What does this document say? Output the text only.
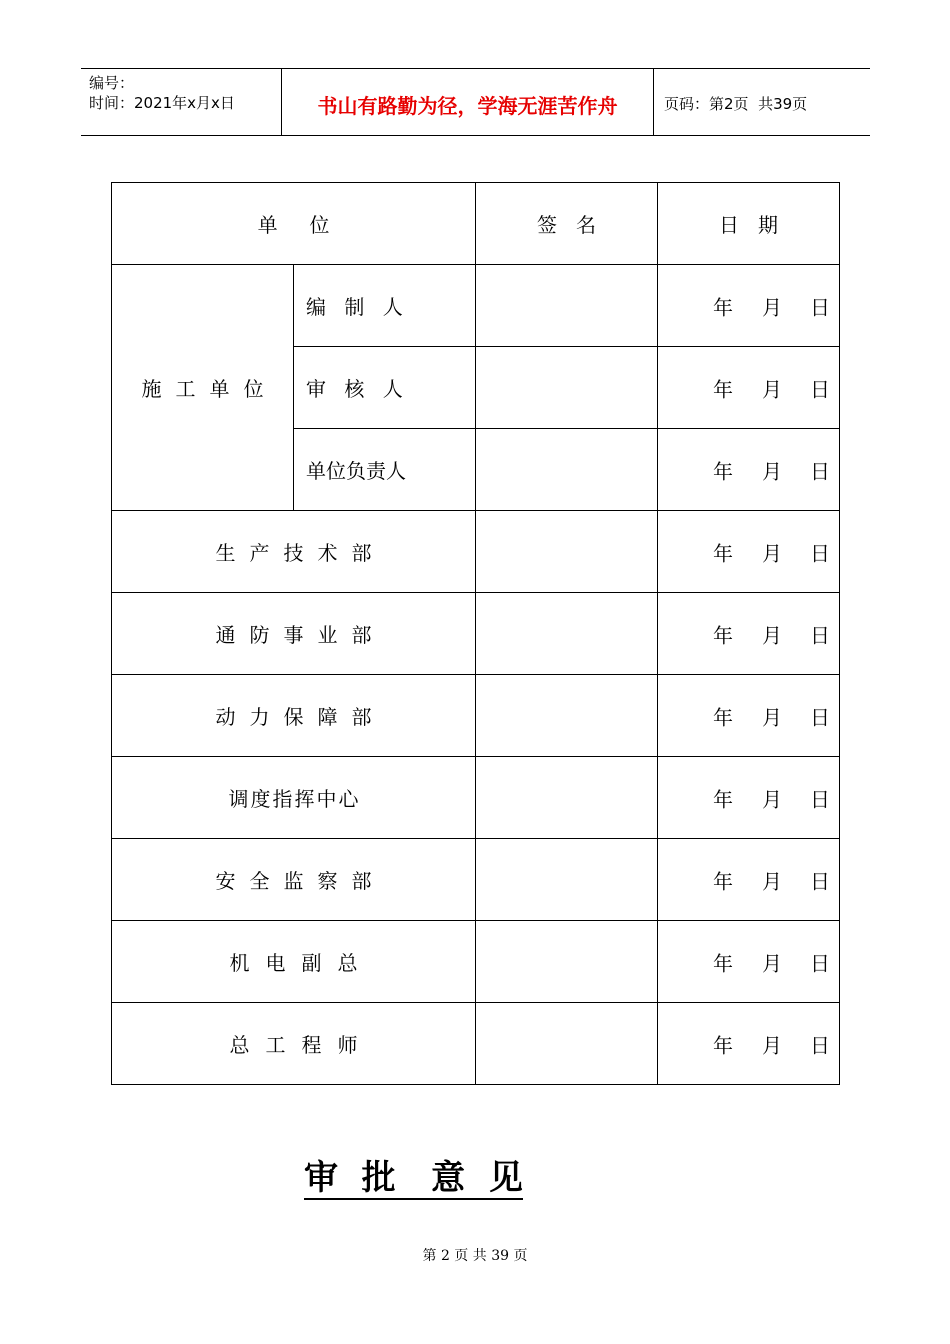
编号：
时间：2021年x月x日	书山有路勤为径，学海无涯苦作舟	页码：第2页  共39页
单     位		签   名	日   期
施工单位	编 制 人		年 月 日

	审 核 人		年 月 日

	单位负责人		年 月 日

生产技术部			年 月 日

通防事业部			年 月 日

动力保障部			年 月 日

调度指挥中心			年 月 日

安全监察部			年 月 日

机电副总			年 月 日

总工程师			年 月 日
审  批   意  见
第 2 页 共 39 页
